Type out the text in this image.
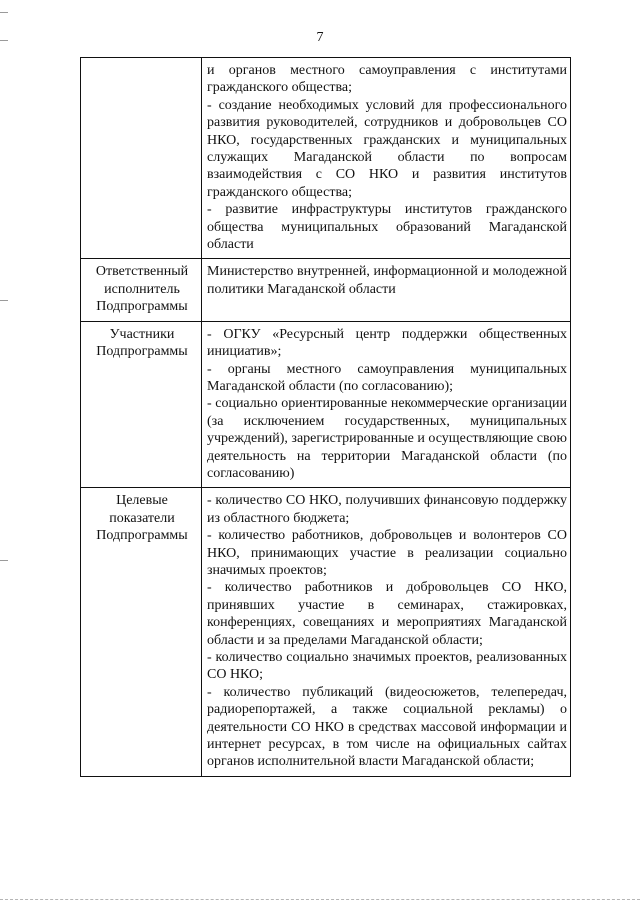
7

	и органов местного самоуправления с институтами гражданского общества;
- создание необходимых условий для профессионального развития руководителей, сотрудников и добровольцев СО НКО, государственных гражданских и муниципальных служащих Магаданской области по вопросам взаимодействия с СО НКО и развития институтов гражданского общества;
- развитие инфраструктуры институтов гражданского общества муниципальных образований Магаданской области

Ответственный исполнитель Подпрограммы	Министерство внутренней, информационной и молодежной политики Магаданской области

Участники Подпрограммы	- ОГКУ «Ресурсный центр поддержки общественных инициатив»;
- органы местного самоуправления муниципальных Магаданской области (по согласованию);
- социально ориентированные некоммерческие организации (за исключением государственных, муниципальных учреждений), зарегистрированные и осуществляющие свою деятельность на территории Магаданской области (по согласованию)

Целевые показатели Подпрограммы	- количество СО НКО, получивших финансовую поддержку из областного бюджета;
- количество работников, добровольцев и волонтеров СО НКО, принимающих участие в реализации социально значимых проектов;
- количество работников и добровольцев СО НКО, принявших участие в семинарах, стажировках, конференциях, совещаниях и мероприятиях Магаданской области и за пределами Магаданской области;
- количество социально значимых проектов, реализованных СО НКО;
- количество публикаций (видеосюжетов, телепередач, радиорепортажей, а также социальной рекламы) о деятельности СО НКО в средствах массовой информации и интернет ресурсах, в том числе на официальных сайтах органов исполнительной власти Магаданской области;
